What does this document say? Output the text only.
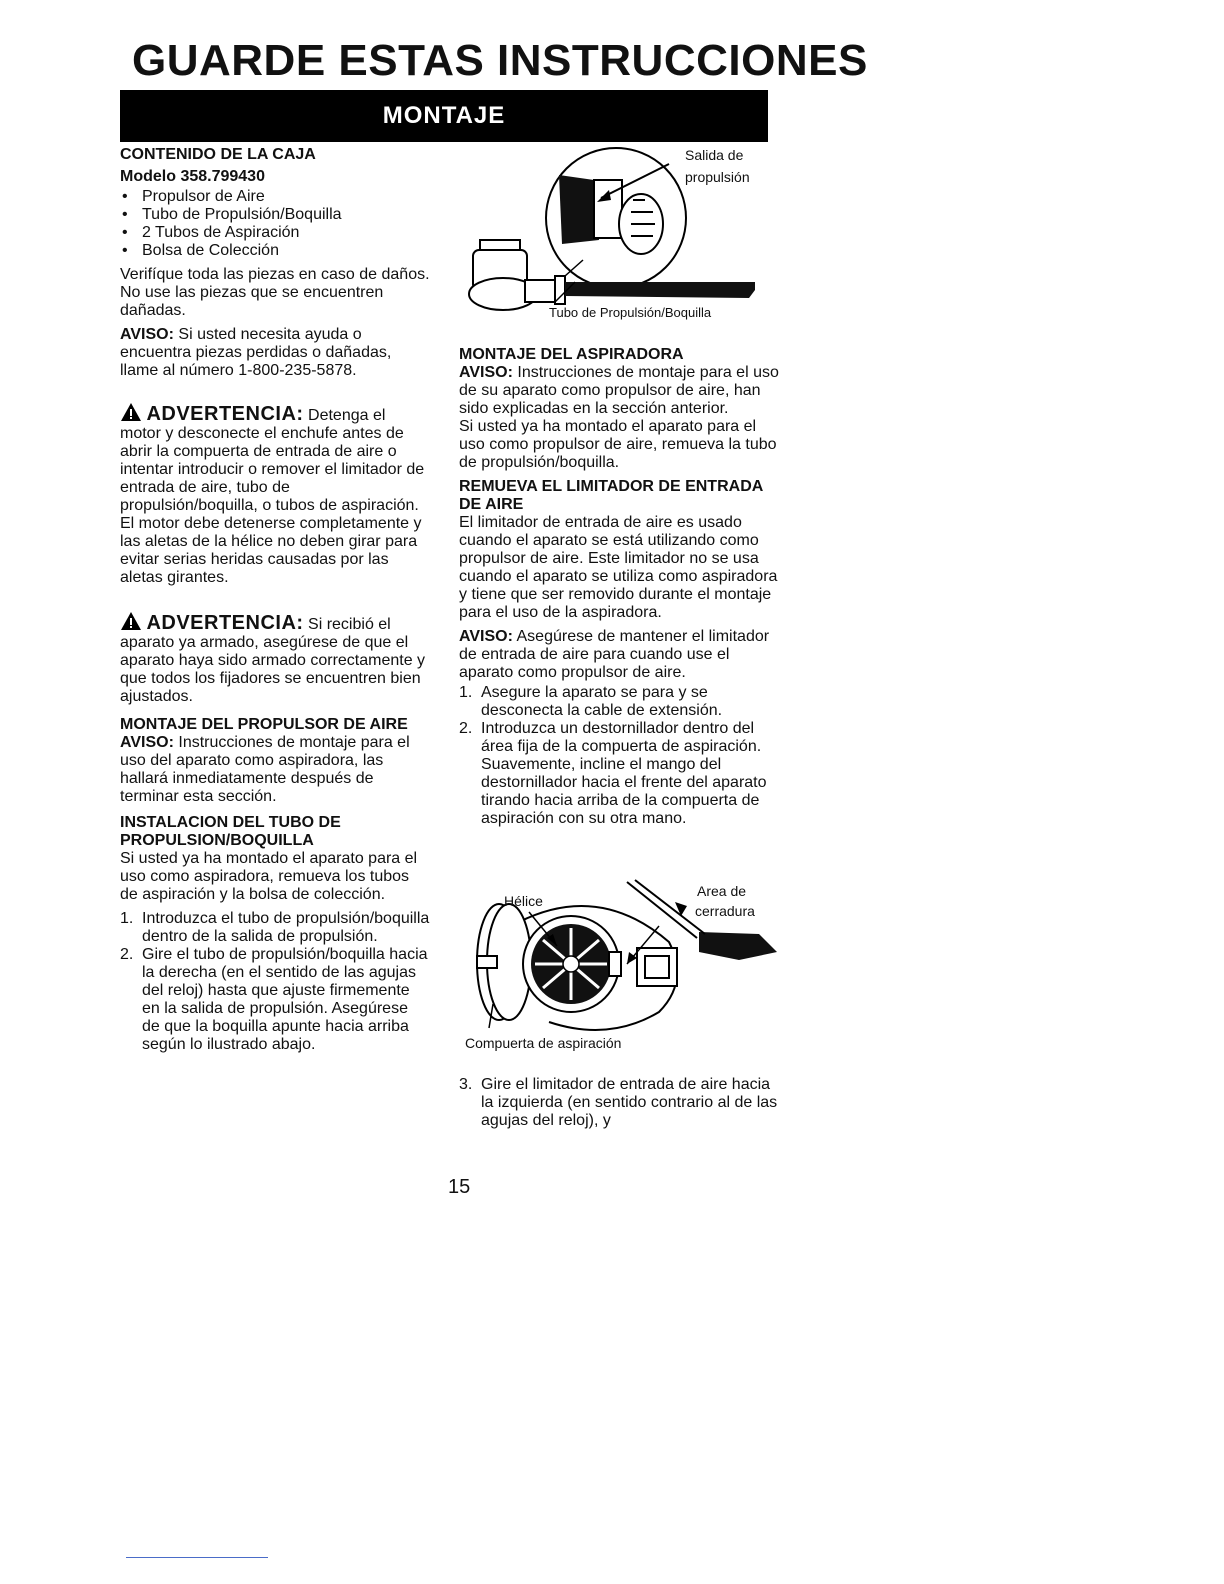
GUARDE ESTAS INSTRUCCIONES
MONTAJE

CONTENIDO DE LA CAJA

Modelo 358.799430

• Propulsor de Aire
• Tubo de Propulsión/Boquilla
• 2 Tubos de Aspiración
• Bolsa de Colección

Verifíque toda las piezas en caso de daños. No use las piezas que se encuentren dañadas.

AVISO: Si usted necesita ayuda o encuentra piezas perdidas o dañadas, llame al número 1-800-235-5878.

ADVERTENCIA: Detenga el motor y desconecte el enchufe antes de abrir la compuerta de entrada de aire o intentar introducir o remover el limitador de entrada de aire, tubo de propulsión/boquilla, o tubos de aspiración. El motor debe detenerse completamente y las aletas de la hélice no deben girar para evitar serias heridas causadas por las aletas girantes.

ADVERTENCIA: Si recibió el aparato ya armado, asegúrese de que el aparato haya sido armado correctamente y que todos los fijadores se encuentren bien ajustados.

MONTAJE DEL PROPULSOR DE AIRE

AVISO: Instrucciones de montaje para el uso del aparato como aspiradora, las hallará inmediatamente después de terminar esta sección.

INSTALACION DEL TUBO DE PROPULSION/BOQUILLA

Si usted ya ha montado el aparato para el uso como aspiradora, remueva los tubos de aspiración y la bolsa de colección.

1. Introduzca el tubo de propulsión/boquilla dentro de la salida de propulsión.
2. Gire el tubo de propulsión/boquilla hacia la derecha (en el sentido de las agujas del reloj) hasta que ajuste firmemente en la salida de propulsión. Asegúrese de que la boquilla apunte hacia arriba según lo ilustrado abajo.
Salida de
propulsión
Tubo de Propulsión/Boquilla

MONTAJE DEL ASPIRADORA

AVISO: Instrucciones de montaje para el uso de su aparato como propulsor de aire, han sido explicadas en la sección anterior.

Si usted ya ha montado el aparato para el uso como propulsor de aire, remueva la tubo de propulsión/boquilla.

REMUEVA EL LIMITADOR DE ENTRADA DE AIRE

El limitador de entrada de aire es usado cuando el aparato se está utilizando como propulsor de aire. Este limitador no se usa cuando el aparato se utiliza como aspiradora y tiene que ser removido durante el montaje para el uso de la aspiradora.

AVISO: Asegúrese de mantener el limitador de entrada de aire para cuando use el aparato como propulsor de aire.

1. Asegure la aparato se para y se desconecta la cable de extensión.
2. Introduzca un destornillador dentro del área fija de la compuerta de aspiración. Suavemente, incline el mango del destornillador hacia el frente del aparato tirando hacia arriba de la compuerta de aspiración con su otra mano.
Hélice
Area de
cerradura
Compuerta de aspiración
3. Gire el limitador de entrada de aire hacia la izquierda (en sentido contrario al de las agujas del reloj), y
15
